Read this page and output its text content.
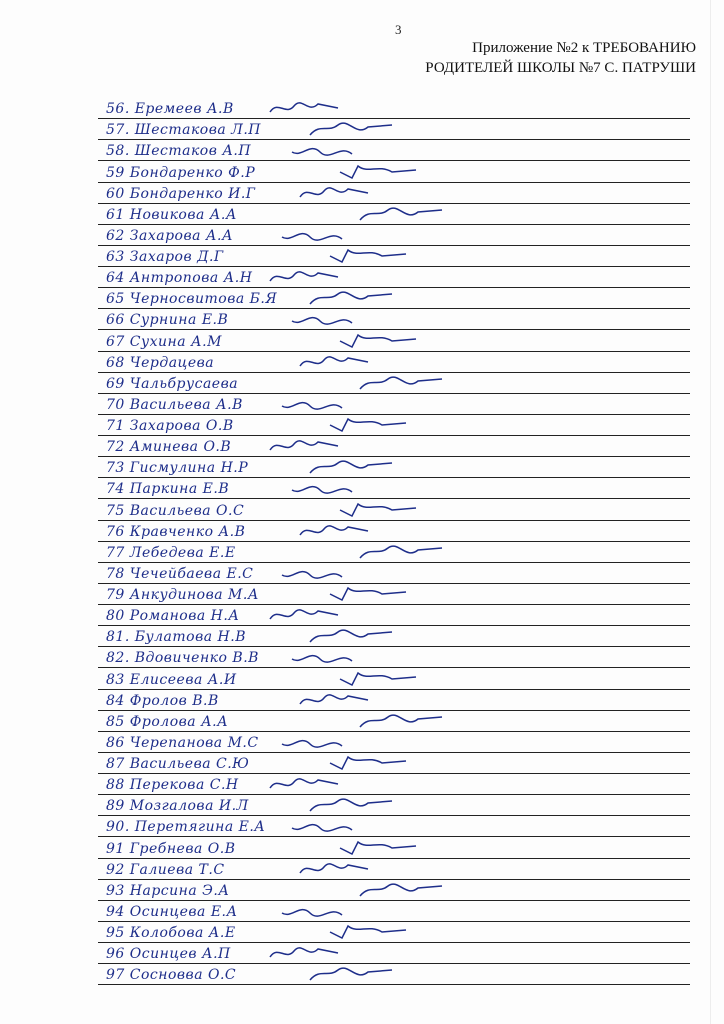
3
Приложение №2 к ТРЕБОВАНИЮ
РОДИТЕЛЕЙ ШКОЛЫ №7 С. ПАТРУШИ
56. Еремеев А.В
57. Шестакова Л.П
58. Шестаков А.П
59 Бондаренко Ф.Р
60 Бондаренко И.Г
61 Новикова А.А
62 Захарова А.А
63 Захаров Д.Г
64 Антропова А.Н
65 Черносвитова Б.Я
66 Сурнина Е.В
67 Сухина А.М
68 Чердацева
69 Чальбрусаева
70 Васильева А.В
71 Захарова О.В
72 Аминева О.В
73 Гисмулина Н.Р
74 Паркина Е.В
75 Васильева О.С
76 Кравченко А.В
77 Лебедева Е.Е
78 Чечейбаева Е.С
79 Анкудинова М.А
80 Романова Н.А
81. Булатова Н.В
82. Вдовиченко В.В
83 Елисеева А.И
84 Фролов В.В
85 Фролова А.А
86 Черепанова М.С
87 Васильева С.Ю
88 Перекова С.Н
89 Мозгалова И.Л
90. Перетягина Е.А
91 Гребнева О.В
92 Галиева Т.С
93 Нарсина Э.А
94 Осинцева Е.А
95 Колобова А.Е
96 Осинцев А.П
97 Сосновва О.С
